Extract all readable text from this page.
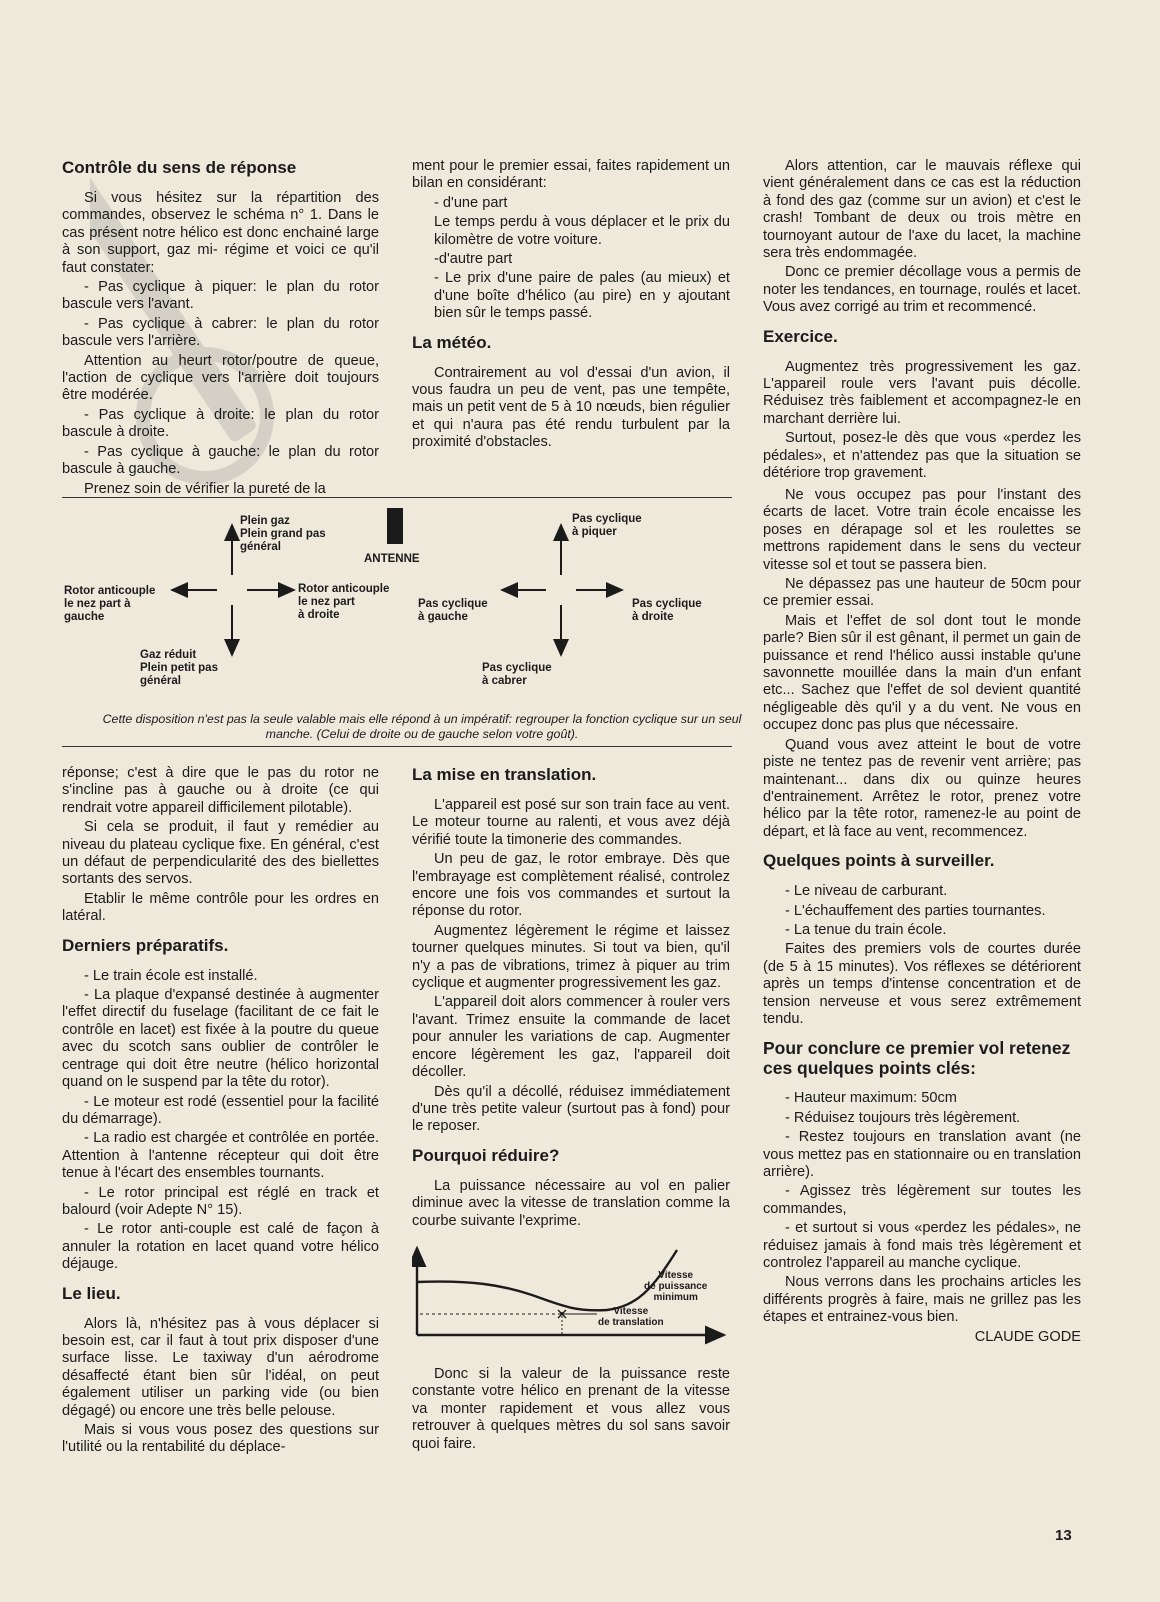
Contrôle du sens de réponse

Si vous hésitez sur la répartition des commandes, observez le schéma n° 1. Dans le cas présent notre hélico est donc enchainé large à son support, gaz mi- régime et voici ce qu'il faut constater:

- Pas cyclique à piquer: le plan du rotor bascule vers l'avant.

- Pas cyclique à cabrer: le plan du rotor bascule vers l'arrière.

Attention au heurt rotor/poutre de queue, l'action de cyclique vers l'arrière doit toujours être modérée.

- Pas cyclique à droite: le plan du rotor bascule à droite.

- Pas cyclique à gauche: le plan du rotor bascule à gauche.

Prenez soin de vérifier la pureté de la

ment pour le premier essai, faites rapidement un bilan en considérant:

- d'une part

Le temps perdu à vous déplacer et le prix du kilomètre de votre voiture.

-d'autre part

- Le prix d'une paire de pales (au mieux) et d'une boîte d'hélico (au pire) en y ajoutant bien sûr le temps passé.

La météo.

Contrairement au vol d'essai d'un avion, il vous faudra un peu de vent, pas une tempête, mais un petit vent de 5 à 10 nœuds, bien régulier et qui n'aura pas été rendu turbulent par la proximité d'obstacles.

Alors attention, car le mauvais réflexe qui vient généralement dans ce cas est la réduction à fond des gaz (comme sur un avion) et c'est le crash! Tombant de deux ou trois mètre en tournoyant autour de l'axe du lacet, la machine sera très endommagée.

Donc ce premier décollage vous a permis de noter les tendances, en tournage, roulés et lacet. Vous avez corrigé au trim et recommencé.

Exercice.

Augmentez très progressivement les gaz. L'appareil roule vers l'avant puis décolle. Réduisez très faiblement et accompagnez-le en marchant derrière lui.

Surtout, posez-le dès que vous «perdez les pédales», et n'attendez pas que la situation se détériore trop gravement.

Plein gaz
Plein grand pas
général
ANTENNE
Rotor anticouple
le nez part à
gauche
Rotor anticouple
le nez part
à droite
Gaz réduit
Plein petit pas
général
Pas cyclique
à piquer
Pas cyclique
à gauche
Pas cyclique
à droite
Pas cyclique
à cabrer
Cette disposition n'est pas la seule valable mais elle répond à un impératif: regrouper la fonction cyclique sur un seul manche. (Celui de droite ou de gauche selon votre goût).

réponse; c'est à dire que le pas du rotor ne s'incline pas à gauche ou à droite (ce qui rendrait votre appareil difficilement pilotable).

Si cela se produit, il faut y remédier au niveau du plateau cyclique fixe. En général, c'est un défaut de perpendicularité des des biellettes sortants des servos.

Etablir le même contrôle pour les ordres en latéral.

Derniers préparatifs.

- Le train école est installé.

- La plaque d'expansé destinée à augmenter l'effet directif du fuselage (facilitant de ce fait le contrôle en lacet) est fixée à la poutre du queue avec du scotch sans oublier de contrôler le centrage qui doit être neutre (hélico horizontal quand on le suspend par la tête du rotor).

- Le moteur est rodé (essentiel pour la facilité du démarrage).

- La radio est chargée et contrôlée en portée. Attention à l'antenne récepteur qui doit être tenue à l'écart des ensembles tournants.

- Le rotor principal est réglé en track et balourd (voir Adepte N° 15).

- Le rotor anti-couple est calé de façon à annuler la rotation en lacet quand votre hélico déjauge.

Le lieu.

Alors là, n'hésitez pas à vous déplacer si besoin est, car il faut à tout prix disposer d'une surface lisse. Le taxiway d'un aérodrome désaffecté étant bien sûr l'idéal, on peut également utiliser un parking vide (ou bien dégagé) ou encore une très belle pelouse.

Mais si vous vous posez des questions sur l'utilité ou la rentabilité du déplace-

La mise en translation.

L'appareil est posé sur son train face au vent. Le moteur tourne au ralenti, et vous avez déjà vérifié toute la timonerie des commandes.

Un peu de gaz, le rotor embraye. Dès que l'embrayage est complètement réalisé, controlez encore une fois vos commandes et surtout la réponse du rotor.

Augmentez légèrement le régime et laissez tourner quelques minutes. Si tout va bien, qu'il n'y a pas de vibrations, trimez à piquer au trim cyclique et augmenter progressivement les gaz.

L'appareil doit alors commencer à rouler vers l'avant. Trimez ensuite la commande de lacet pour annuler les variations de cap. Augmenter encore légèrement les gaz, l'appareil doit décoller.

Dès qu'il a décollé, réduisez immédiatement d'une très petite valeur (surtout pas à fond) pour le reposer.

Pourquoi réduire?

La puissance nécessaire au vol en palier diminue avec la vitesse de translation comme la courbe suivante l'exprime.

Vitesse
de puissance
minimum
Vitesse
de translation

Donc si la valeur de la puissance reste constante votre hélico en prenant de la vitesse va monter rapidement et vous allez vous retrouver à quelques mètres du sol sans savoir quoi faire.

Ne vous occupez pas pour l'instant des écarts de lacet. Votre train école encaisse les poses en dérapage sol et les roulettes se mettrons rapidement dans le sens du vecteur vitesse sol et tout se passera bien.

Ne dépassez pas une hauteur de 50cm pour ce premier essai.

Mais et l'effet de sol dont tout le monde parle? Bien sûr il est gênant, il permet un gain de puissance et rend l'hélico aussi instable qu'une savonnette mouillée dans la main d'un enfant etc... Sachez que l'effet de sol devient quantité négligeable dès qu'il y a du vent. Ne vous en occupez donc pas plus que nécessaire.

Quand vous avez atteint le bout de votre piste ne tentez pas de revenir vent arrière; pas maintenant... dans dix ou quinze heures d'entrainement. Arrêtez le rotor, prenez votre hélico par la tête rotor, ramenez-le au point de départ, et là face au vent, recommencez.

Quelques points à surveiller.

- Le niveau de carburant.

- L'échauffement des parties tournantes.

- La tenue du train école.

Faites des premiers vols de courtes durée (de 5 à 15 minutes). Vos réflexes se détériorent après un temps d'intense concentration et de tension nerveuse et vous serez extrêmement tendu.

Pour conclure ce premier vol retenez ces quelques points clés:

- Hauteur maximum: 50cm

- Réduisez toujours très légèrement.

- Restez toujours en translation avant (ne vous mettez pas en stationnaire ou en translation arrière).

- Agissez très légèrement sur toutes les commandes,

- et surtout si vous «perdez les pédales», ne réduisez jamais à fond mais très légèrement et controlez l'appareil au manche cyclique.

Nous verrons dans les prochains articles les différents progrès à faire, mais ne grillez pas les étapes et entrainez-vous bien.

CLAUDE GODE
13
